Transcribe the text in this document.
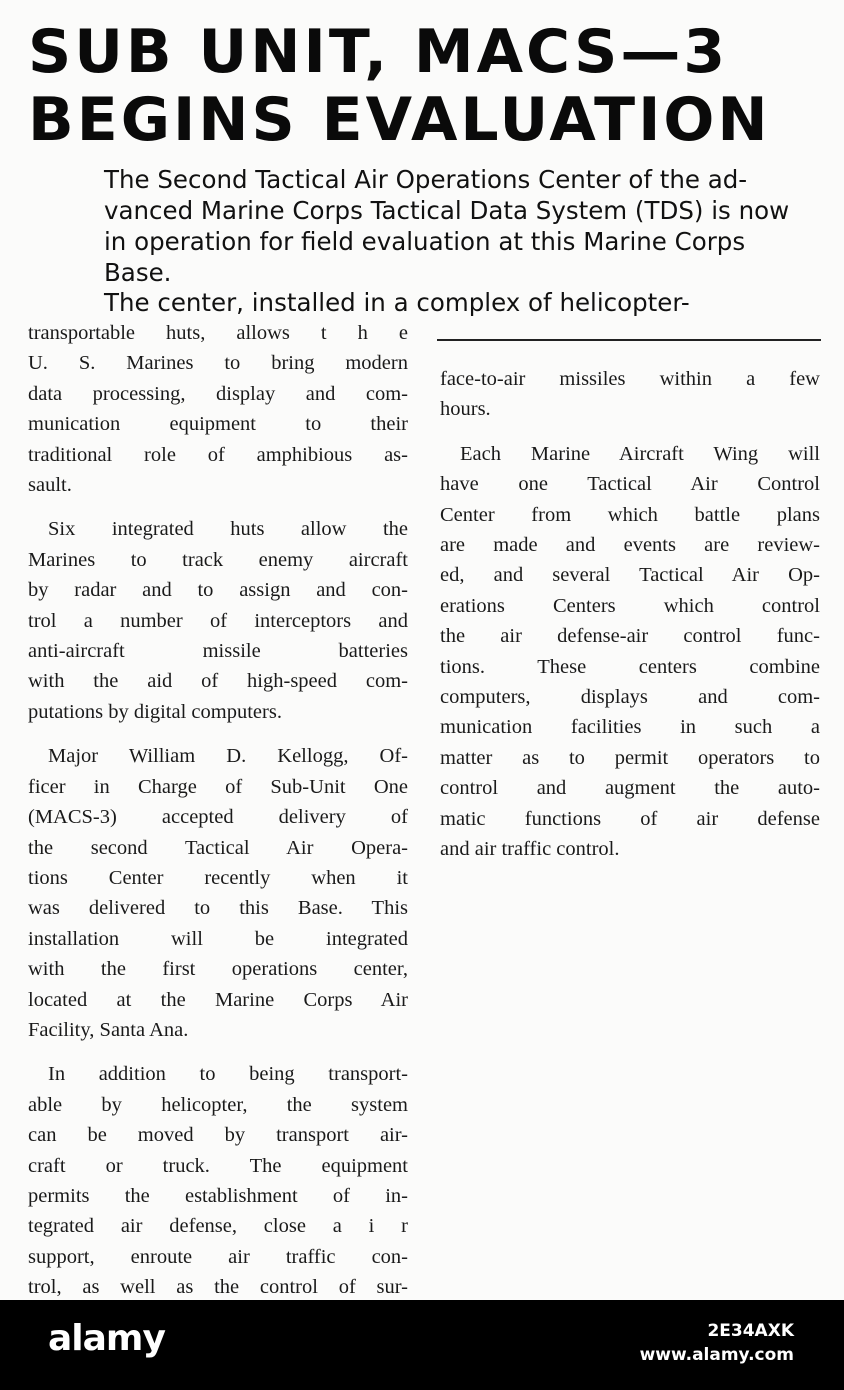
SUB UNIT, MACS—3
BEGINS EVALUATION

The Second Tactical Air Operations Center of the ad-
vanced Marine Corps Tactical Data System (TDS) is now
in operation for field evaluation at this Marine Corps
Base.

The center, installed in a complex of helicopter-

transportable huts, allows t h e
U. S. Marines to bring modern
data processing, display and com-
munication equipment to their
traditional role of amphibious as-
sault.

Six integrated huts allow the
Marines to track enemy aircraft
by radar and to assign and con-
trol a number of interceptors and
anti-aircraft missile batteries
with the aid of high-speed com-
putations by digital computers.

Major William D. Kellogg, Of-
ficer in Charge of Sub-Unit One
(MACS-3) accepted delivery of
the second Tactical Air Opera-
tions Center recently when it
was delivered to this Base. This
installation will be integrated
with the first operations center,
located at the Marine Corps Air
Facility, Santa Ana.

In addition to being transport-
able by helicopter, the system
can be moved by transport air-
craft or truck. The equipment
permits the establishment of in-
tegrated air defense, close a i r
support, enroute air traffic con-
trol, as well as the control of sur-

face-to-air missiles within a few
hours.

Each Marine Aircraft Wing will
have one Tactical Air Control
Center from which battle plans
are made and events are review-
ed, and several Tactical Air Op-
erations Centers which control
the air defense-air control func-
tions. These centers combine
computers, displays and com-
munication facilities in such a
matter as to permit operators to
control and augment the auto-
matic functions of air defense
and air traffic control.

alamy	2E34AXK
www.alamy.com
